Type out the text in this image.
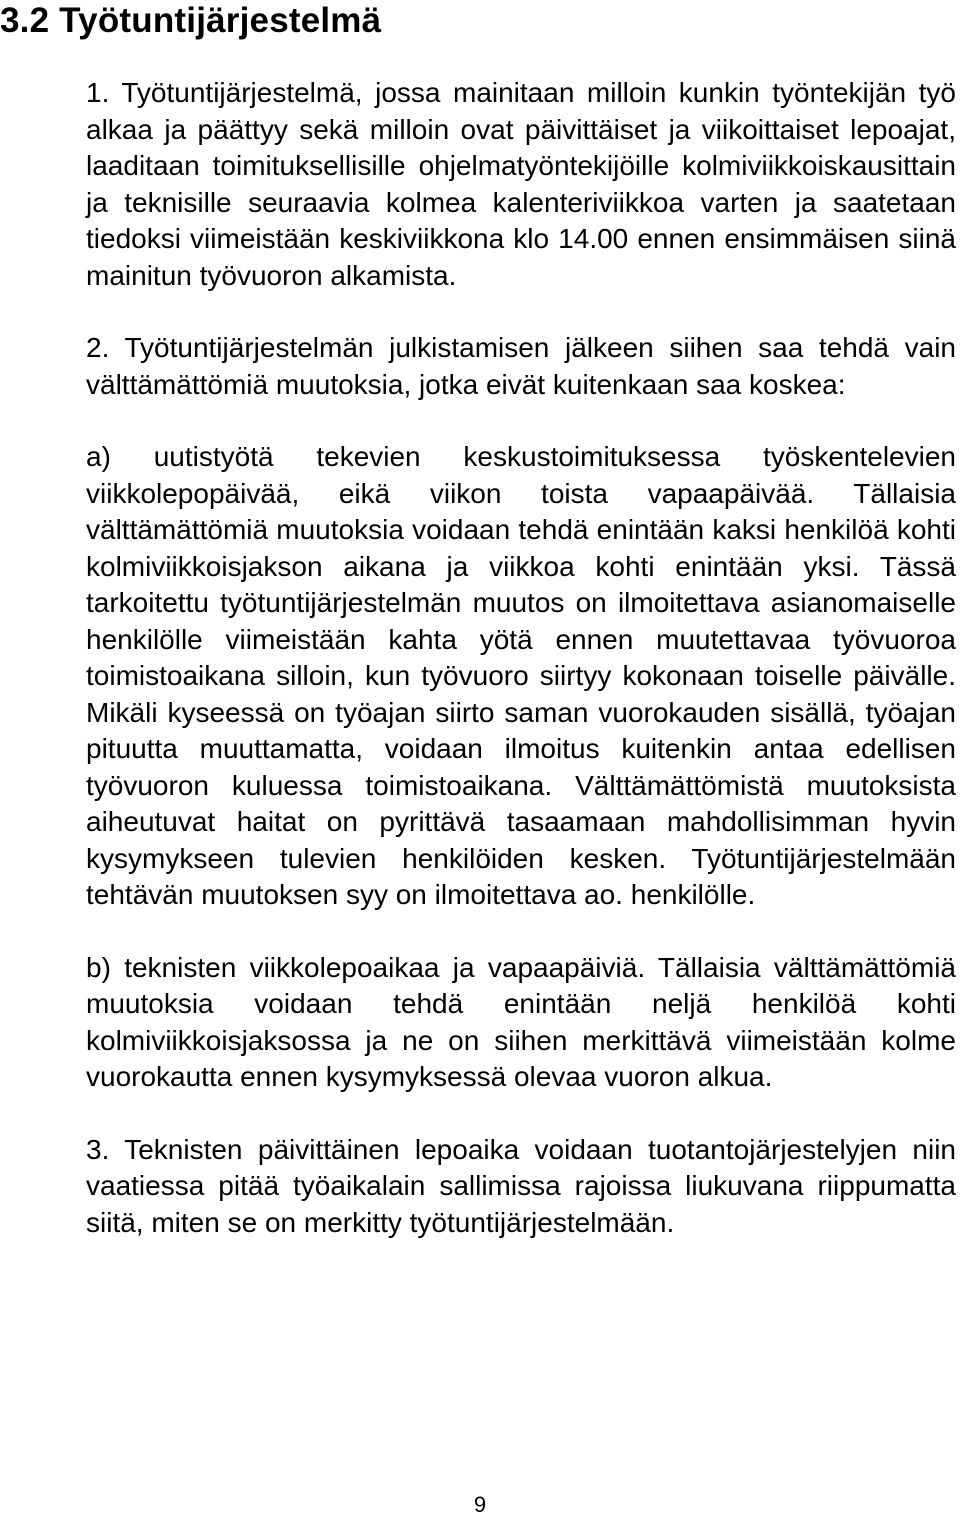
3.2 Työtuntijärjestelmä

1. Työtuntijärjestelmä, jossa mainitaan milloin kunkin työntekijän työ alkaa ja päättyy sekä milloin ovat päivittäiset ja viikoittaiset lepoajat, laaditaan toimituksellisille ohjelmatyöntekijöille kolmiviikkoiskausittain ja teknisille seuraavia kolmea kalenteriviikkoa varten ja saatetaan tiedoksi viimeistään keskiviikkona klo 14.00 ennen ensimmäisen siinä mainitun työvuoron alkamista.

2. Työtuntijärjestelmän julkistamisen jälkeen siihen saa tehdä vain välttämättömiä muutoksia, jotka eivät kuitenkaan saa koskea:

a) uutistyötä tekevien keskustoimituksessa työskentelevien viikkolepopäivää, eikä viikon toista vapaapäivää. Tällaisia välttämättömiä muutoksia voidaan tehdä enintään kaksi henkilöä kohti kolmiviikkoisjakson aikana ja viikkoa kohti enintään yksi. Tässä tarkoitettu työtuntijärjestelmän muutos on ilmoitettava asianomaiselle henkilölle viimeistään kahta yötä ennen muutettavaa työvuoroa toimistoaikana silloin, kun työvuoro siirtyy kokonaan toiselle päivälle. Mikäli kyseessä on työajan siirto saman vuorokauden sisällä, työajan pituutta muuttamatta, voidaan ilmoitus kuitenkin antaa edellisen työvuoron kuluessa toimistoaikana. Välttämättömistä muutoksista aiheutuvat haitat on pyrittävä tasaamaan mahdollisimman hyvin kysymykseen tulevien henkilöiden kesken. Työtuntijärjestelmään tehtävän muutoksen syy on ilmoitettava ao. henkilölle.

b) teknisten viikkolepoaikaa ja vapaapäiviä. Tällaisia välttämättömiä muutoksia voidaan tehdä enintään neljä henkilöä kohti kolmiviikkoisjaksossa ja ne on siihen merkittävä viimeistään kolme vuorokautta ennen kysymyksessä olevaa vuoron alkua.

3. Teknisten päivittäinen lepoaika voidaan tuotantojärjestelyjen niin vaatiessa pitää työaikalain sallimissa rajoissa liukuvana riippumatta siitä, miten se on merkitty työtuntijärjestelmään.

9
